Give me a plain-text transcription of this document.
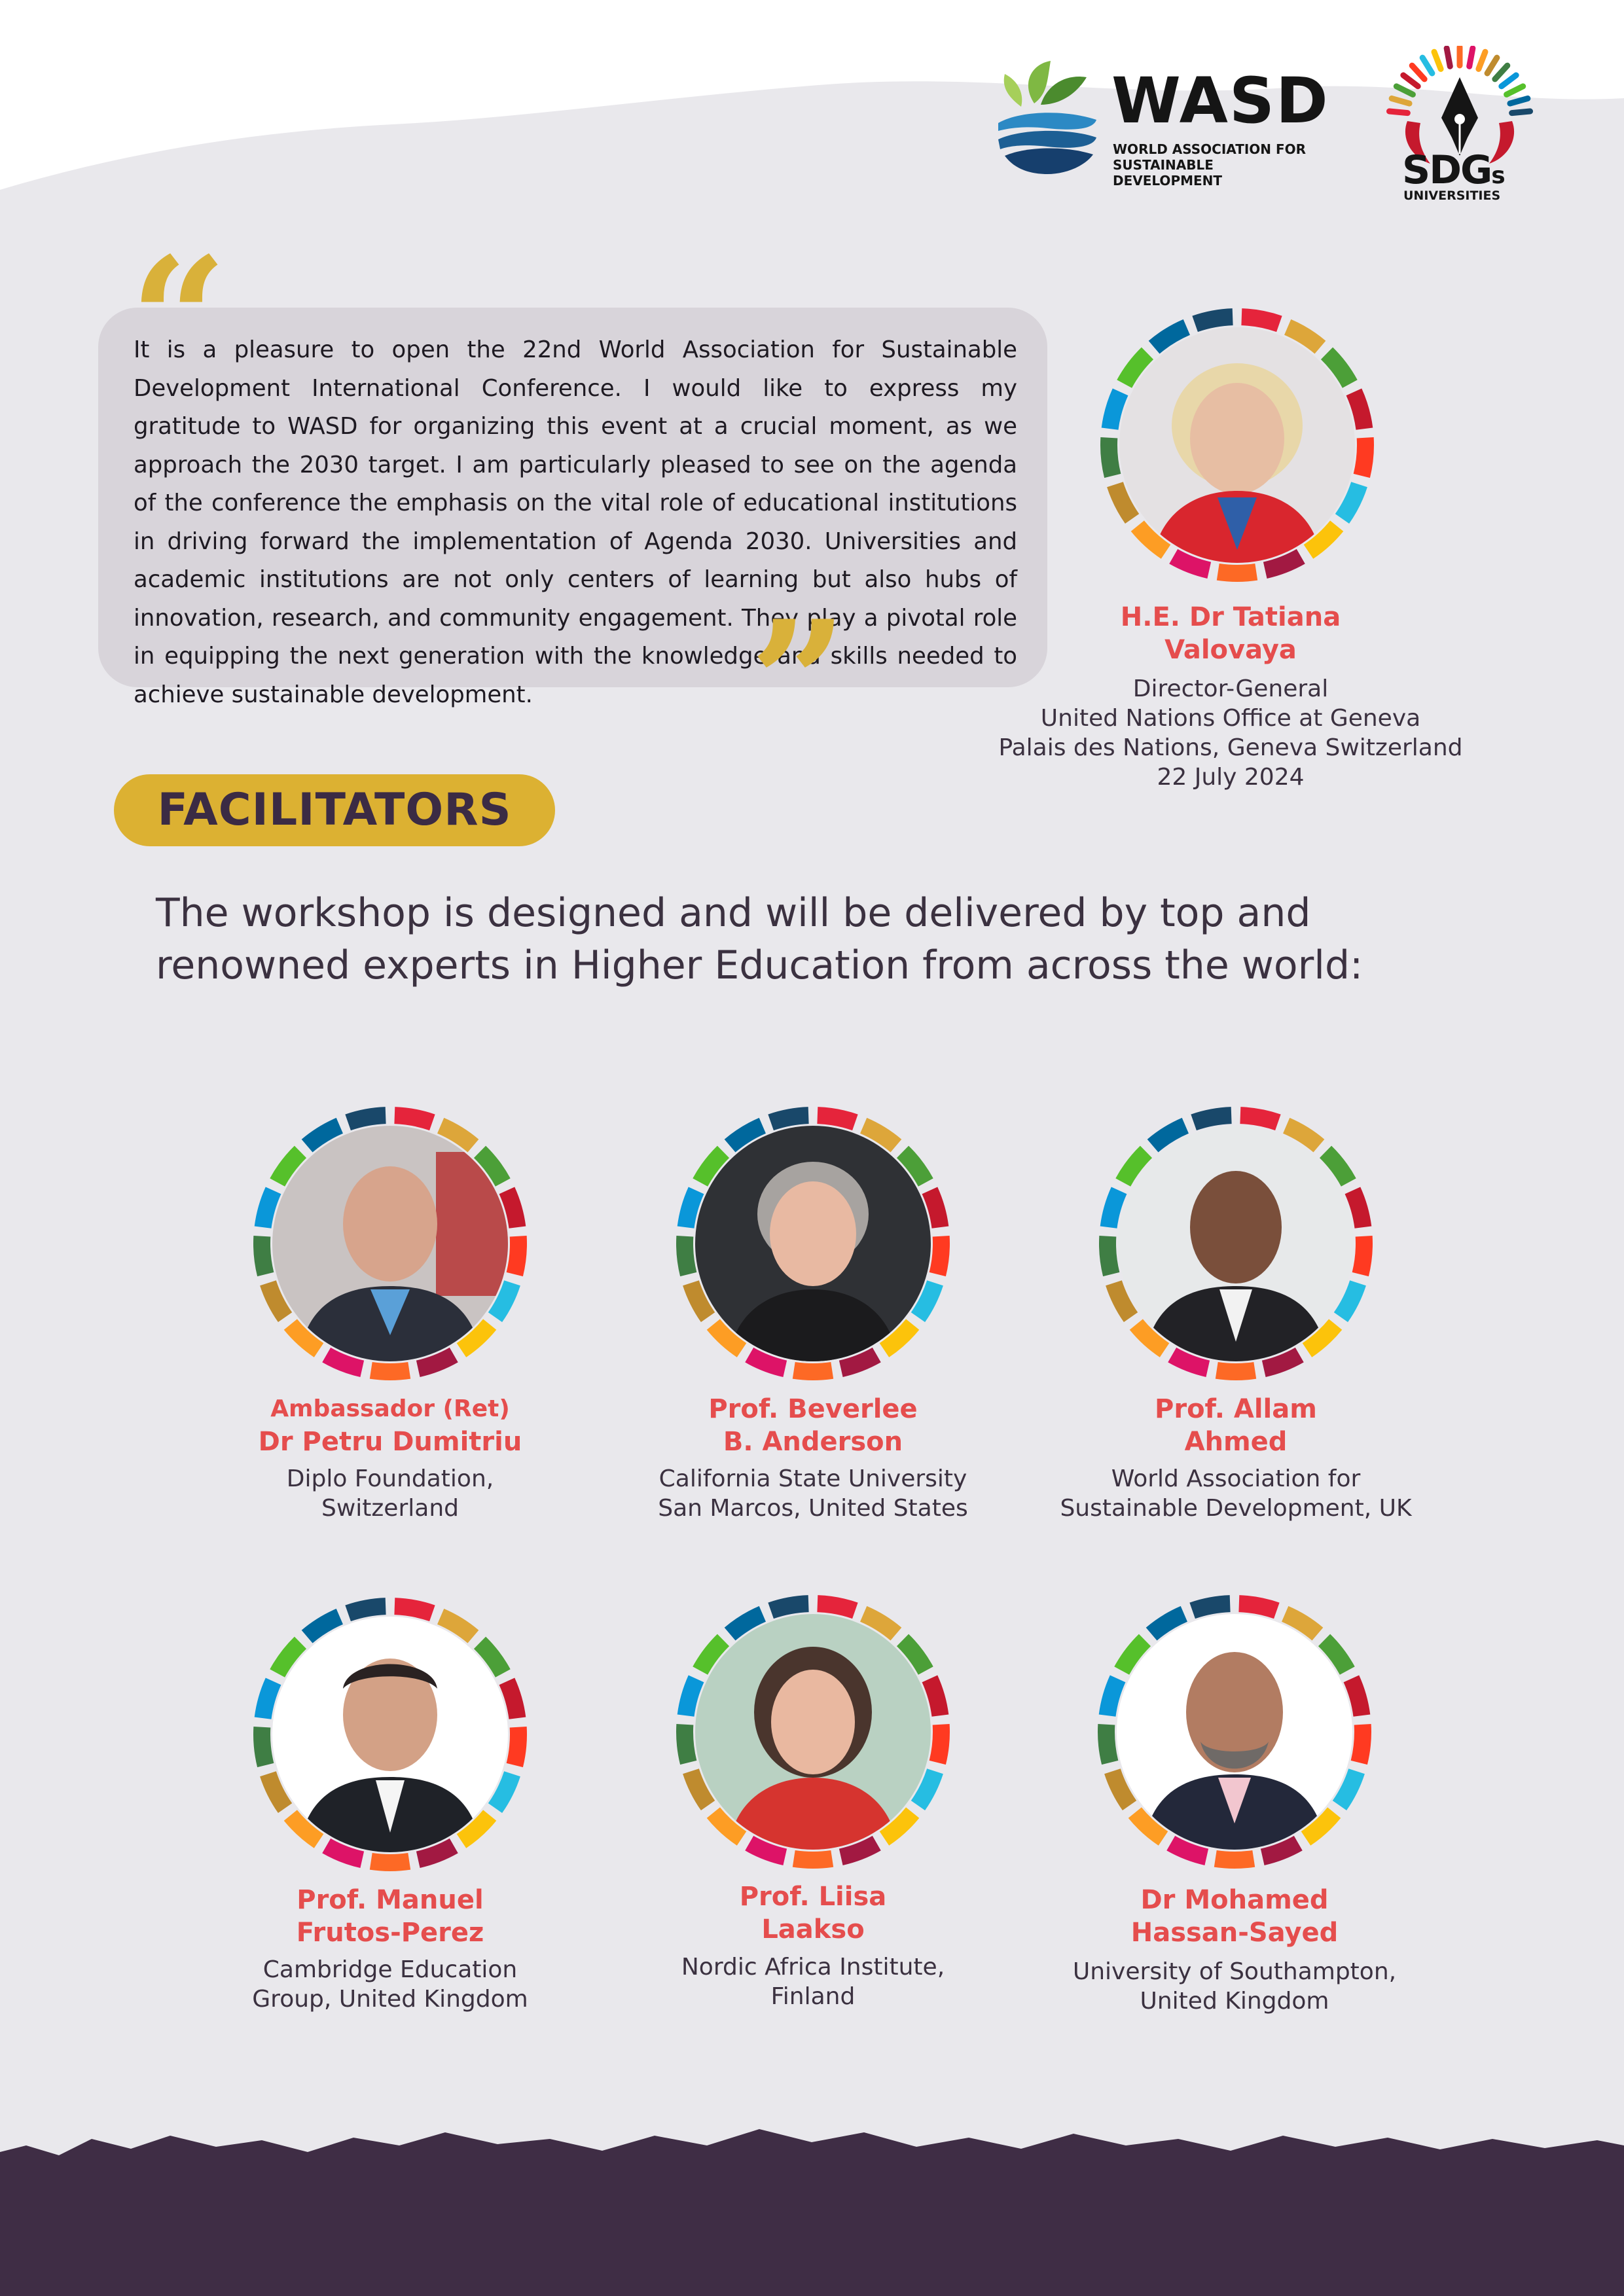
WASD
WORLD ASSOCIATION FOR
SUSTAINABLE DEVELOPMENT	SDGs
UNIVERSITIES
It is a pleasure to open the 22nd World Association for Sustainable Development International Conference. I would like to express my gratitude to WASD for organizing this event at a crucial moment, as we approach the 2030 target. I am particularly pleased to see on the agenda of the conference the emphasis on the vital role of educational institutions in driving forward the implementation of Agenda 2030. Universities and academic institutions are not only centers of learning but also hubs of innovation, research, and community engagement. They play a pivotal role in equipping the next generation with the knowledge and skills needed to achieve sustainable development.
“
”	H.E. Dr Tatiana
Valovaya
Director-General
United Nations Office at Geneva
Palais des Nations, Geneva Switzerland
22 July 2024
FACILITATORS
The workshop is designed and will be delivered by top and
renowned experts in Higher Education from across the world:
Ambassador (Ret)
Dr Petru Dumitriu
Diplo Foundation,
Switzerland
Prof. Beverlee
B. Anderson
California State University
San Marcos, United States
Prof. Allam
Ahmed
World Association for
Sustainable Development, UK
Prof. Manuel
Frutos-Perez
Cambridge Education
Group, United Kingdom
Prof. Liisa
Laakso
Nordic Africa Institute,
Finland
Dr Mohamed
Hassan-Sayed
University of Southampton,
United Kingdom
